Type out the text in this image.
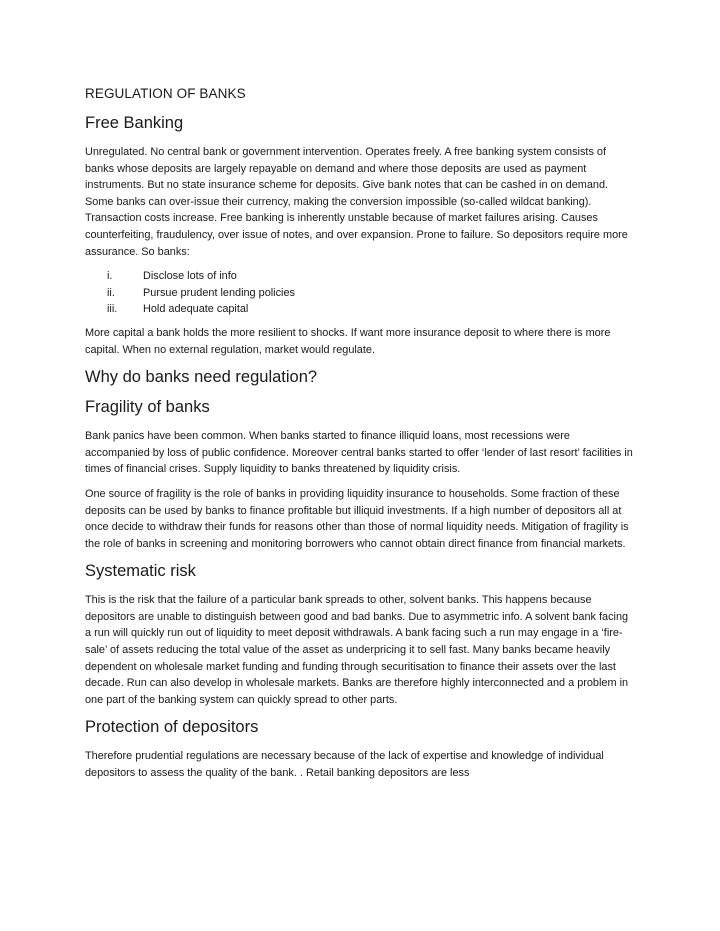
REGULATION OF BANKS
Free Banking

Unregulated. No central bank or government intervention. Operates freely. A free banking system consists of banks whose deposits are largely repayable on demand and where those deposits are used as payment instruments. But no state insurance scheme for deposits. Give bank notes that can be cashed in on demand. Some banks can over-issue their currency, making the conversion impossible (so-called wildcat banking). Transaction costs increase. Free banking is inherently unstable because of market failures arising. Causes counterfeiting, fraudulency, over issue of notes, and over expansion. Prone to failure. So depositors require more assurance. So banks:

i.	Disclose lots of info
ii.	Pursue prudent lending policies
iii.	Hold adequate capital

More capital a bank holds the more resilient to shocks. If want more insurance deposit to where there is more capital. When no external regulation, market would regulate.

Why do banks need regulation?
Fragility of banks

Bank panics have been common. When banks started to finance illiquid loans, most recessions were accompanied by loss of public confidence. Moreover central banks started to offer ‘lender of last resort’ facilities in times of financial crises. Supply liquidity to banks threatened by liquidity crisis.

One source of fragility is the role of banks in providing liquidity insurance to households. Some fraction of these deposits can be used by banks to finance profitable but illiquid investments. If a high number of depositors all at once decide to withdraw their funds for reasons other than those of normal liquidity needs. Mitigation of fragility is the role of banks in screening and monitoring borrowers who cannot obtain direct finance from financial markets.

Systematic risk

This is the risk that the failure of a particular bank spreads to other, solvent banks. This happens because depositors are unable to distinguish between good and bad banks. Due to asymmetric info. A solvent bank facing a run will quickly run out of liquidity to meet deposit withdrawals. A bank facing such a run may engage in a ‘fire-sale’ of assets reducing the total value of the asset as underpricing it to sell fast. Many banks became heavily dependent on wholesale market funding and funding through securitisation to finance their assets over the last decade. Run can also develop in wholesale markets. Banks are therefore highly interconnected and a problem in one part of the banking system can quickly spread to other parts.

Protection of depositors

Therefore prudential regulations are necessary because of the lack of expertise and knowledge of individual depositors to assess the quality of the bank. . Retail banking depositors are less
